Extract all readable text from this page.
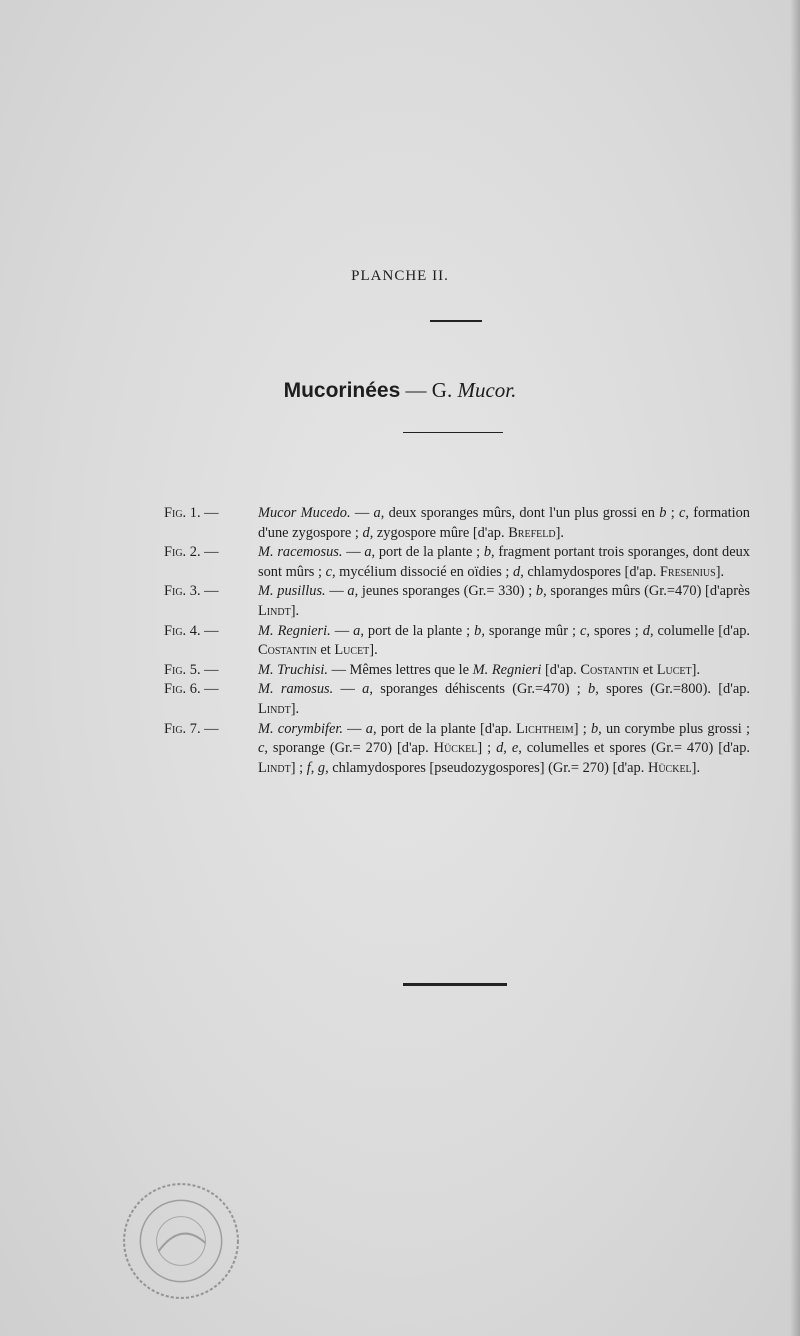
PLANCHE II.
Mucorinées — G. Mucor.
Fig. 1. —	Mucor Mucedo. — a, deux sporanges mûrs, dont l'un plus grossi en b ; c, formation d'une zygospore ; d, zygospore mûre [d'ap. Brefeld].
Fig. 2. —	M. racemosus. — a, port de la plante ; b, fragment portant trois sporanges, dont deux sont mûrs ; c, mycélium dissocié en oïdies ; d, chlamydospores [d'ap. Fresenius].
Fig. 3. —	M. pusillus. — a, jeunes sporanges (Gr.= 330) ; b, sporanges mûrs (Gr.=470) [d'après Lindt].
Fig. 4. —	M. Regnieri. — a, port de la plante ; b, sporange mûr ; c, spores ; d, columelle [d'ap. Costantin et Lucet].
Fig. 5. —	M. Truchisi. — Mêmes lettres que le M. Regnieri [d'ap. Costantin et Lucet].
Fig. 6. —	M. ramosus. — a, sporanges déhiscents (Gr.=470) ; b, spores (Gr.=800). [d'ap. Lindt].
Fig. 7. —	M. corymbifer. — a, port de la plante [d'ap. Lichtheim] ; b, un corymbe plus grossi ; c, sporange (Gr.= 270) [d'ap. Hückel] ; d, e, columelles et spores (Gr.= 470) [d'ap. Lindt] ; f, g, chlamydospores [pseudozygospores] (Gr.= 270) [d'ap. Hückel].
